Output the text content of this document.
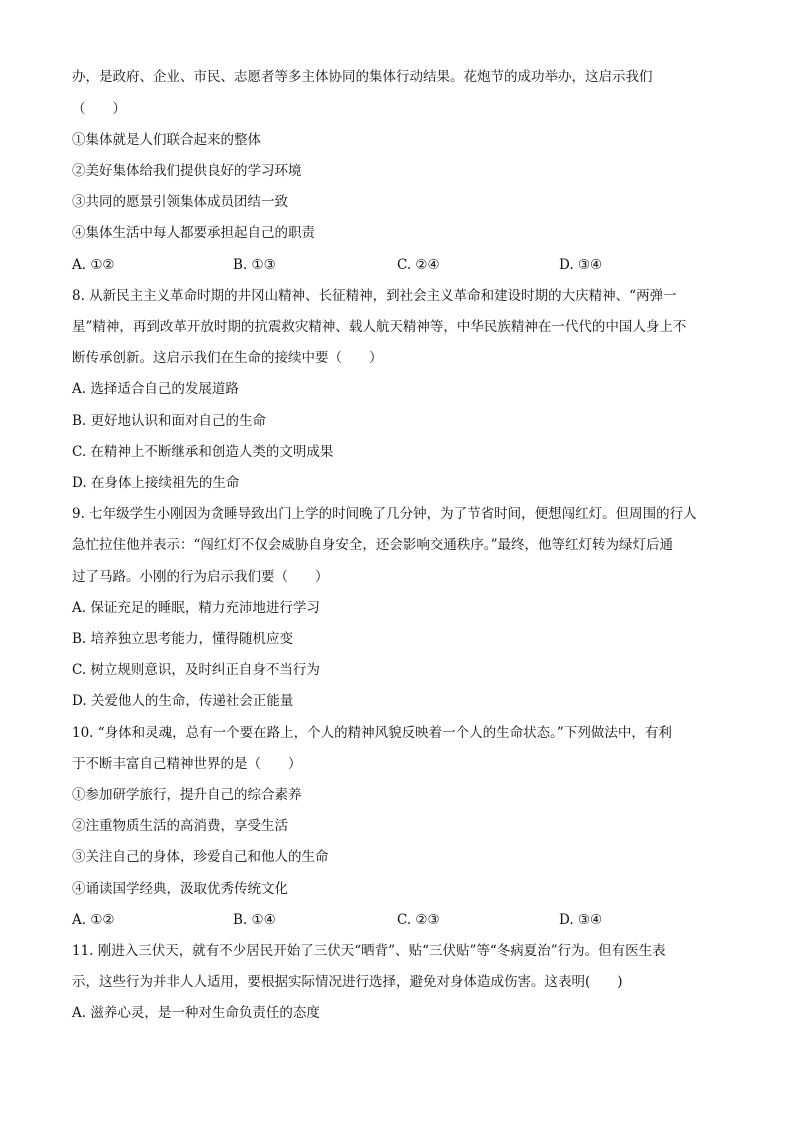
办，是政府、企业、市民、志愿者等多主体协同的集体行动结果。花炮节的成功举办，这启示我们
（　　）
①集体就是人们联合起来的整体
②美好集体给我们提供良好的学习环境
③共同的愿景引领集体成员团结一致
④集体生活中每人都要承担起自己的职责
A. ①②	B. ①③	C. ②④	D. ③④
8. 从新民主主义革命时期的井冈山精神、长征精神，到社会主义革命和建设时期的大庆精神、“两弹一
星”精神，再到改革开放时期的抗震救灾精神、载人航天精神等，中华民族精神在一代代的中国人身上不
断传承创新。这启示我们在生命的接续中要（　　）
A. 选择适合自己的发展道路
B. 更好地认识和面对自己的生命
C. 在精神上不断继承和创造人类的文明成果
D. 在身体上接续祖先的生命
9. 七年级学生小刚因为贪睡导致出门上学的时间晚了几分钟，为了节省时间，便想闯红灯。但周围的行人
急忙拉住他并表示：“闯红灯不仅会威胁自身安全，还会影响交通秩序。”最终，他等红灯转为绿灯后通
过了马路。小刚的行为启示我们要（　　）
A. 保证充足的睡眠，精力充沛地进行学习
B. 培养独立思考能力，懂得随机应变
C. 树立规则意识，及时纠正自身不当行为
D. 关爱他人的生命，传递社会正能量
10. “身体和灵魂，总有一个要在路上，个人的精神风貌反映着一个人的生命状态。”下列做法中，有利
于不断丰富自己精神世界的是（　　）
①参加研学旅行，提升自己的综合素养
②注重物质生活的高消费，享受生活
③关注自己的身体，珍爱自己和他人的生命
④诵读国学经典，汲取优秀传统文化
A. ①②	B. ①④	C. ②③	D. ③④
11. 刚进入三伏天，就有不少居民开始了三伏天“晒背”、贴“三伏贴”等“冬病夏治”行为。但有医生表
示，这些行为并非人人适用，要根据实际情况进行选择，避免对身体造成伤害。这表明(　　)
A. 滋养心灵，是一种对生命负责任的态度
